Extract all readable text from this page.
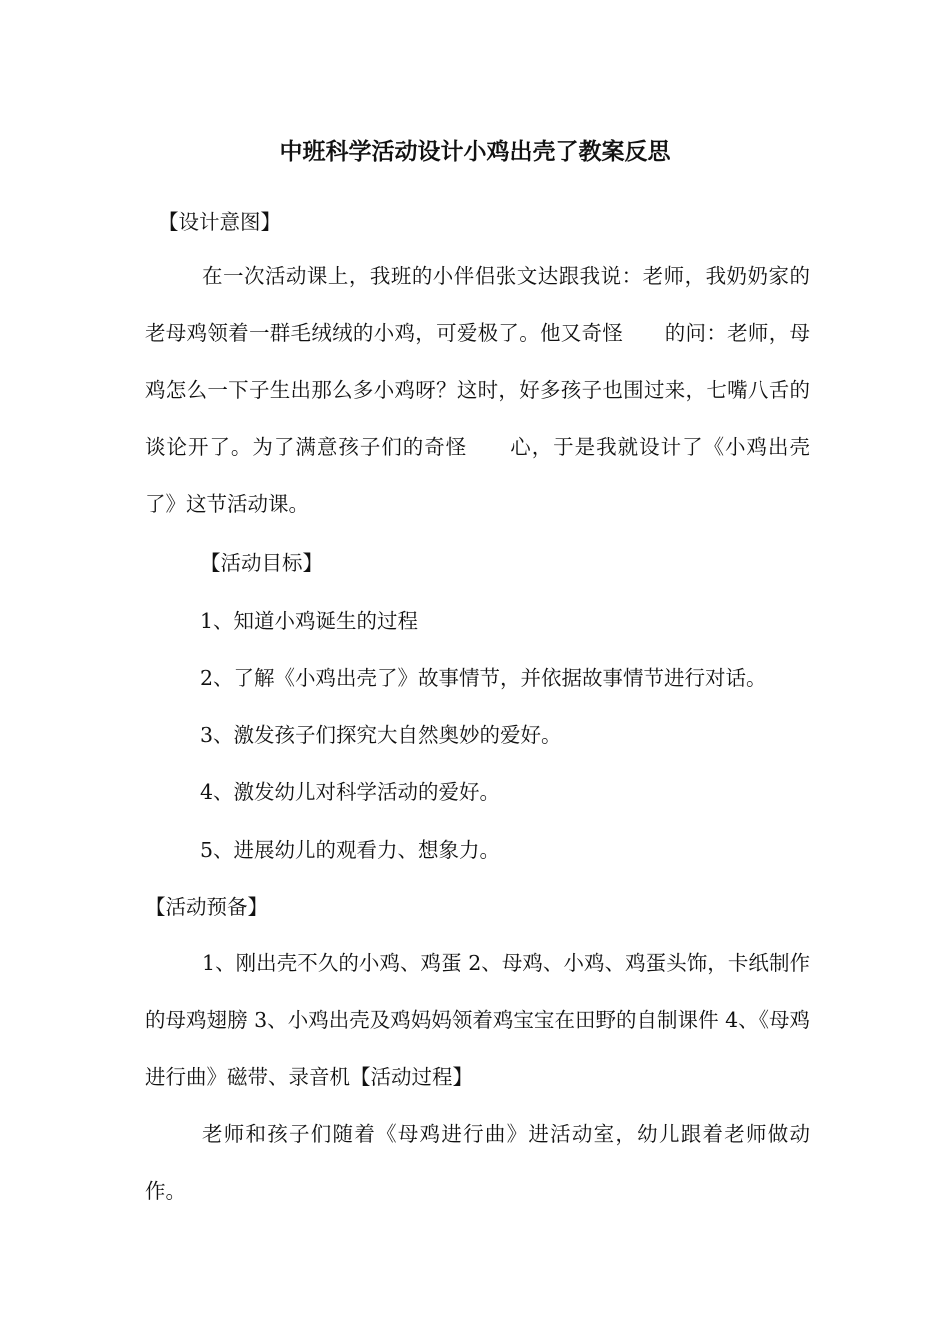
中班科学活动设计小鸡出壳了教案反思
【设计意图】

在一次活动课上，我班的小伴侣张文达跟我说：老师，我奶奶家的老母鸡领着一群毛绒绒的小鸡，可爱极了。他又奇怪　　的问：老师，母鸡怎么一下子生出那么多小鸡呀？这时，好多孩子也围过来，七嘴八舌的谈论开了。为了满意孩子们的奇怪　　心，于是我就设计了《小鸡出壳了》这节活动课。

【活动目标】
1、知道小鸡诞生的过程
2、了解《小鸡出壳了》故事情节，并依据故事情节进行对话。
3、激发孩子们探究大自然奥妙的爱好。
4、激发幼儿对科学活动的爱好。
5、进展幼儿的观看力、想象力。
【活动预备】

1、刚出壳不久的小鸡、鸡蛋 2、母鸡、小鸡、鸡蛋头饰，卡纸制作的母鸡翅膀 3、小鸡出壳及鸡妈妈领着鸡宝宝在田野的自制课件 4、《母鸡进行曲》磁带、录音机【活动过程】

老师和孩子们随着《母鸡进行曲》进活动室，幼儿跟着老师做动作。
